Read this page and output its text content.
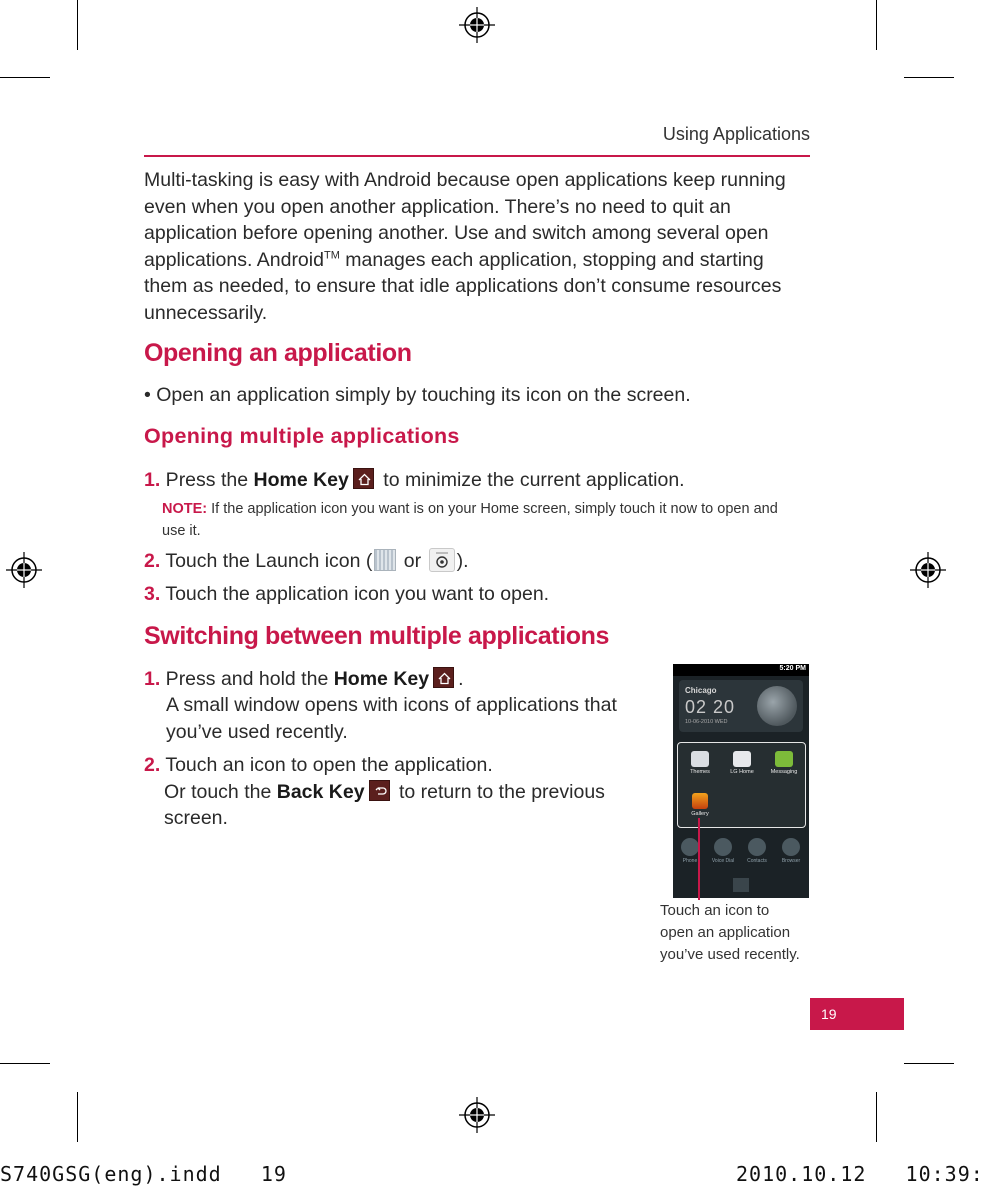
Using Applications

Multi-tasking is easy with Android because open applications keep running even when you open another application. There’s no need to quit an application before opening another. Use and switch among several open applications. Android™ manages each application, stopping and starting them as needed, to ensure that idle applications don’t consume resources unnecessarily.

Opening an application
• Open an application simply by touching its icon on the screen.
Opening multiple applications
1. Press the Home Key
to minimize the current application.
NOTE: If the application icon you want is on your Home screen, simply touch it now to open and use it.
2. Touch the Launch icon ( or
).
3. Touch the application icon you want to open.
Switching between multiple applications
1. Press and hold the Home Key .
A small window opens with icons of applications that
you’ve used recently.
2. Touch an icon to open the application.
Or touch the Back Key
to return to the previous
screen.
5:20 PM
Chicago
02 20
10-06-2010 WED
Themes	LG Home	Messaging
Gallery
Phone	Voice Dial	Contacts	Browser
Touch an icon to
open an application
you’ve used recently.
19
S740GSG(eng).indd   19	2010.10.12   10:39:
